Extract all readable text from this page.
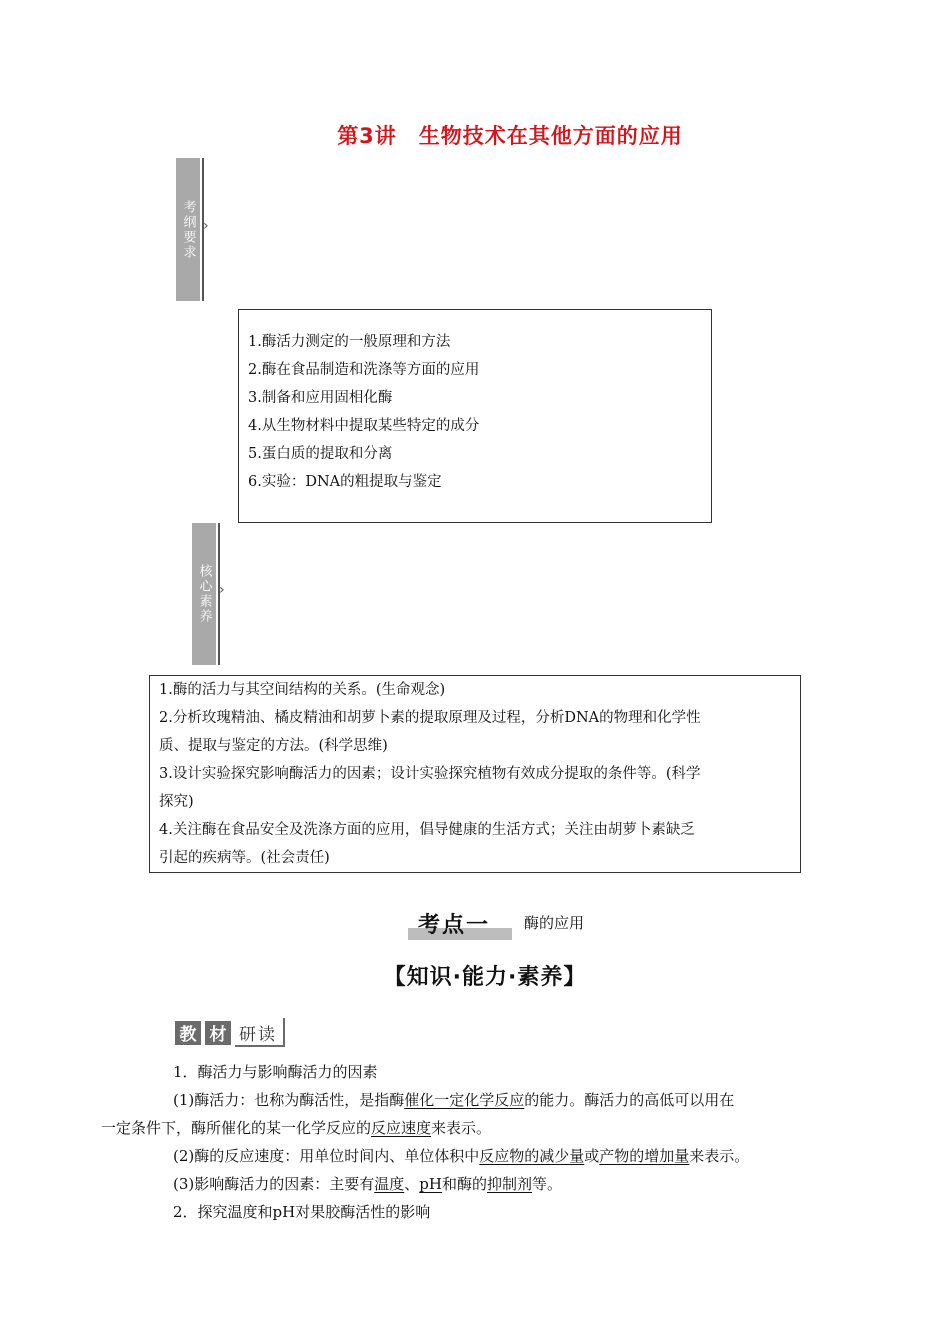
第3讲　生物技术在其他方面的应用
考纲要求 ›
1.酶活力测定的一般原理和方法
2.酶在食品制造和洗涤等方面的应用
3.制备和应用固相化酶
4.从生物材料中提取某些特定的成分
5.蛋白质的提取和分离
6.实验：DNA的粗提取与鉴定
核心素养 ›
1.酶的活力与其空间结构的关系。(生命观念)
2.分析玫瑰精油、橘皮精油和胡萝卜素的提取原理及过程，分析DNA的物理和化学性
质、提取与鉴定的方法。(科学思维)
3.设计实验探究影响酶活力的因素；设计实验探究植物有效成分提取的条件等。(科学
探究)
4.关注酶在食品安全及洗涤方面的应用，倡导健康的生活方式；关注由胡萝卜素缺乏
引起的疾病等。(社会责任)
考点一	酶的应用
【知识·能力·素养】
教 材 研读
1．酶活力与影响酶活力的因素
(1)酶活力：也称为酶活性，是指酶催化一定化学反应的能力。酶活力的高低可以用在
一定条件下，酶所催化的某一化学反应的反应速度来表示。
(2)酶的反应速度：用单位时间内、单位体积中反应物的减少量或产物的增加量来表示。
(3)影响酶活力的因素：主要有温度、pH和酶的抑制剂等。
2．探究温度和pH对果胶酶活性的影响
